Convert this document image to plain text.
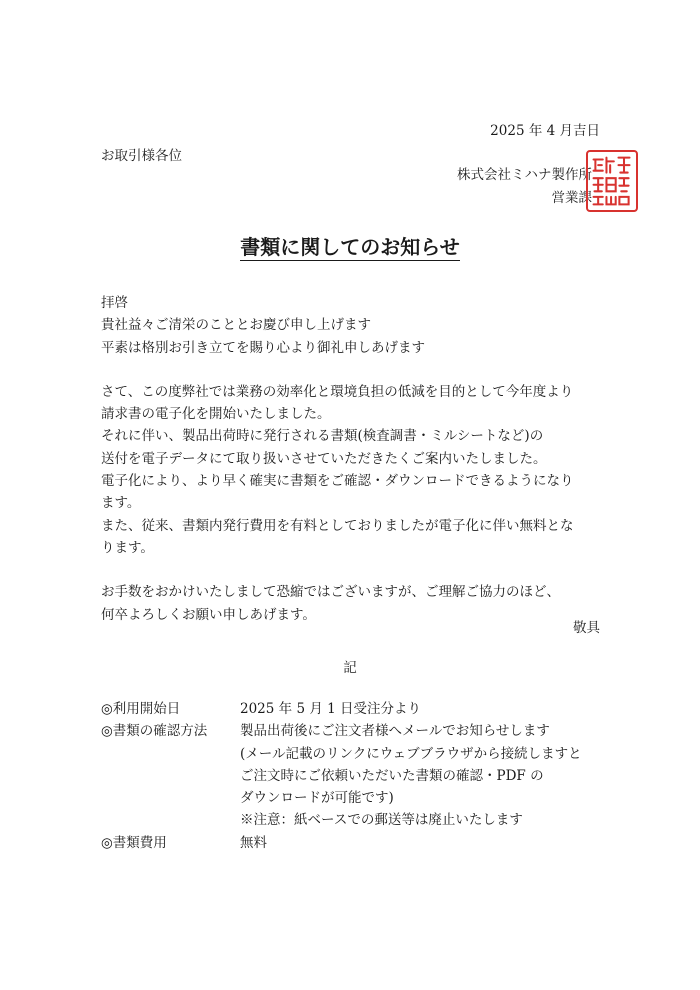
2025 年 4 月吉日
お取引様各位
株式会社ミハナ製作所
営業課
書類に関してのお知らせ
拝啓
貴社益々ご清栄のこととお慶び申し上げます
平素は格別お引き立てを賜り心より御礼申しあげます
さて、この度弊社では業務の効率化と環境負担の低減を目的として今年度より
請求書の電子化を開始いたしました。
それに伴い、製品出荷時に発行される書類(検査調書・ミルシートなど)の
送付を電子データにて取り扱いさせていただきたくご案内いたしました。
電子化により、より早く確実に書類をご確認・ダウンロードできるようになり
ます。
また、従来、書類内発行費用を有料としておりましたが電子化に伴い無料とな
ります。
お手数をおかけいたしまして恐縮ではございますが、ご理解ご協力のほど、
何卒よろしくお願い申しあげます。
敬具
記
◎利用開始日	2025 年 5 月 1 日受注分より
◎書類の確認方法	製品出荷後にご注文者様へメールでお知らせします
(メール記載のリンクにウェブブラウザから接続しますと
ご注文時にご依頼いただいた書類の確認・PDF の
ダウンロードが可能です)
※注意：紙ベースでの郵送等は廃止いたします
◎書類費用	無料
